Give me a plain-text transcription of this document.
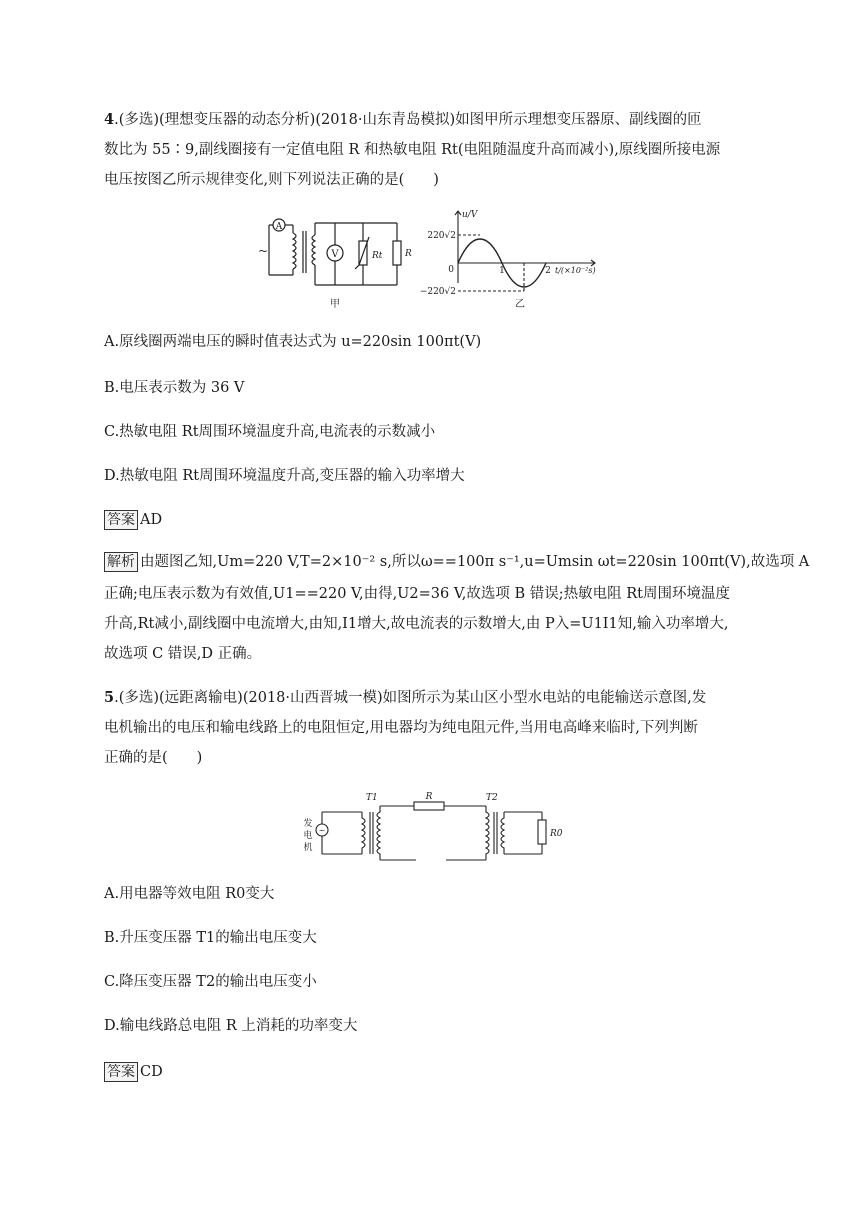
4.(多选)(理想变压器的动态分析)(2018·山东青岛模拟)如图甲所示理想变压器原、副线圈的匝
数比为 55∶9,副线圈接有一定值电阻 R 和热敏电阻 Rt(电阻随温度升高而减小),原线圈所接电源
电压按图乙所示规律变化,则下列说法正确的是(　　)
A
V
~	Rt	R
甲
u/V
t/(×10⁻²s)
220√2
−220√2
0	1	2
乙
A.原线圈两端电压的瞬时值表达式为 u=220sin 100πt(V)
B.电压表示数为 36 V
C.热敏电阻 Rt周围环境温度升高,电流表的示数减小
D.热敏电阻 Rt周围环境温度升高,变压器的输入功率增大
答案 AD
解析 由题图乙知,Um=220 V,T=2×10⁻² s,所以ω==100π s⁻¹,u=Umsin ωt=220sin 100πt(V),故选项 A
正确;电压表示数为有效值,U1==220 V,由得,U2=36 V,故选项 B 错误;热敏电阻 Rt周围环境温度
升高,Rt减小,副线圈中电流增大,由知,I1增大,故电流表的示数增大,由 P入=U1I1知,输入功率增大,
故选项 C 错误,D 正确。
5.(多选)(远距离输电)(2018·山西晋城一模)如图所示为某山区小型水电站的电能输送示意图,发
电机输出的电压和输电线路上的电阻恒定,用电器均为纯电阻元件,当用电高峰来临时,下列判断
正确的是(　　)
~
发
电
机
T1	T2
R
R0
A.用电器等效电阻 R0变大
B.升压变压器 T1的输出电压变大
C.降压变压器 T2的输出电压变小
D.输电线路总电阻 R 上消耗的功率变大
答案 CD
